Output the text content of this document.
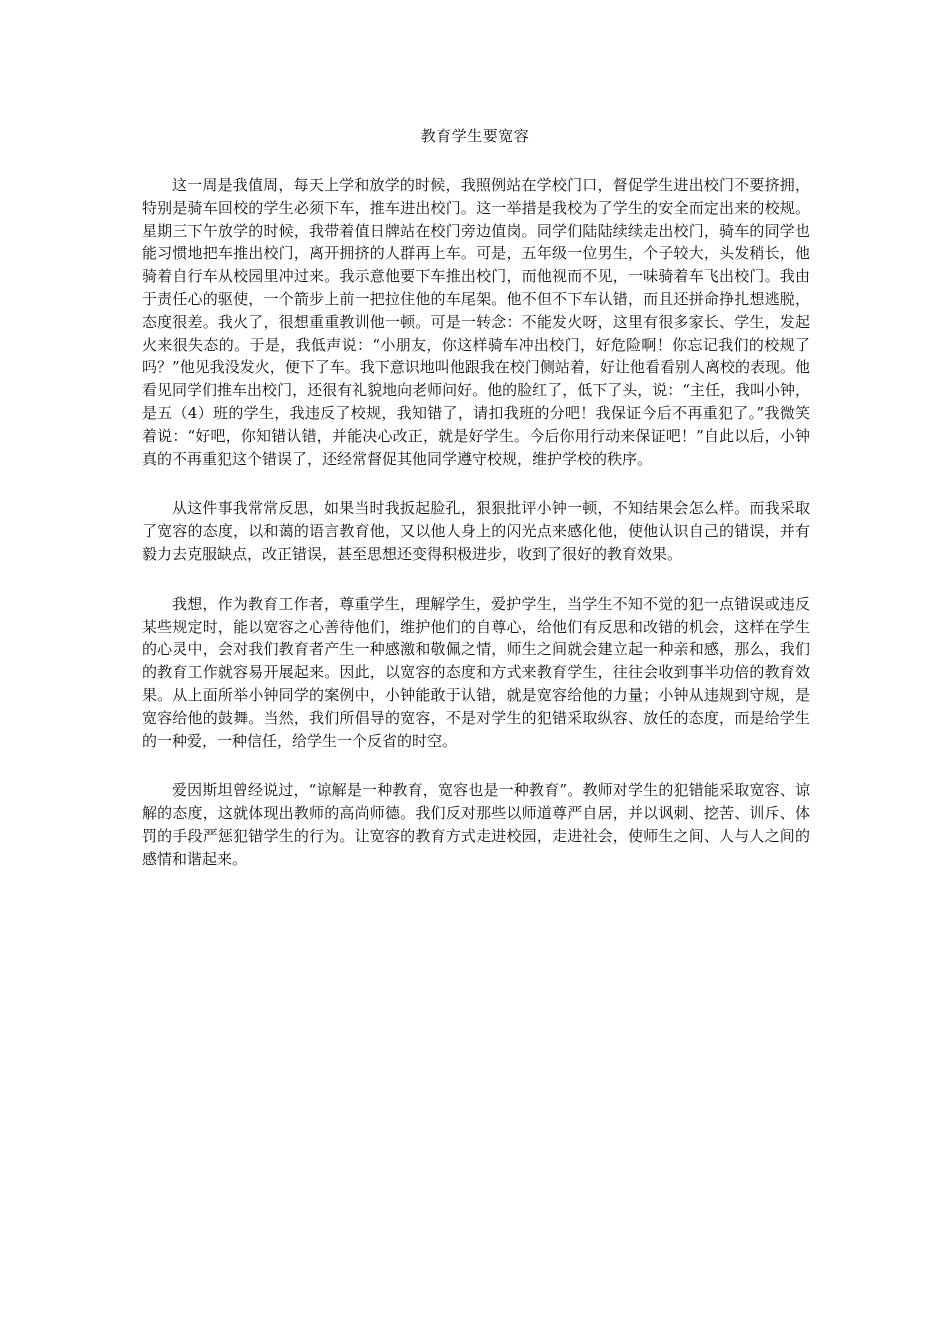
教育学生要宽容

这一周是我值周，每天上学和放学的时候，我照例站在学校门口，督促学生进出校门不要挤拥，特别是骑车回校的学生必须下车，推车进出校门。这一举措是我校为了学生的安全而定出来的校规。星期三下午放学的时候，我带着值日牌站在校门旁边值岗。同学们陆陆续续走出校门，骑车的同学也能习惯地把车推出校门，离开拥挤的人群再上车。可是，五年级一位男生，个子较大，头发稍长，他骑着自行车从校园里冲过来。我示意他要下车推出校门，而他视而不见，一味骑着车飞出校门。我由于责任心的驱使，一个箭步上前一把拉住他的车尾架。他不但不下车认错，而且还拼命挣扎想逃脱，态度很差。我火了，很想重重教训他一顿。可是一转念：不能发火呀，这里有很多家长、学生，发起火来很失态的。于是，我低声说：“小朋友，你这样骑车冲出校门，好危险啊！你忘记我们的校规了吗？”他见我没发火，便下了车。我下意识地叫他跟我在校门侧站着，好让他看看别人离校的表现。他看见同学们推车出校门，还很有礼貌地向老师问好。他的脸红了，低下了头，说：“主任，我叫小钟，是五（4）班的学生，我违反了校规，我知错了，请扣我班的分吧！我保证今后不再重犯了。”我微笑着说：“好吧，你知错认错，并能决心改正，就是好学生。今后你用行动来保证吧！”自此以后，小钟真的不再重犯这个错误了，还经常督促其他同学遵守校规，维护学校的秩序。

从这件事我常常反思，如果当时我扳起脸孔，狠狠批评小钟一顿，不知结果会怎么样。而我采取了宽容的态度，以和蔼的语言教育他，又以他人身上的闪光点来感化他，使他认识自己的错误，并有毅力去克服缺点，改正错误，甚至思想还变得积极进步，收到了很好的教育效果。

我想，作为教育工作者，尊重学生，理解学生，爱护学生，当学生不知不觉的犯一点错误或违反某些规定时，能以宽容之心善待他们，维护他们的自尊心，给他们有反思和改错的机会，这样在学生的心灵中，会对我们教育者产生一种感激和敬佩之情，师生之间就会建立起一种亲和感，那么，我们的教育工作就容易开展起来。因此，以宽容的态度和方式来教育学生，往往会收到事半功倍的教育效果。从上面所举小钟同学的案例中，小钟能敢于认错，就是宽容给他的力量；小钟从违规到守规，是宽容给他的鼓舞。当然，我们所倡导的宽容，不是对学生的犯错采取纵容、放任的态度，而是给学生的一种爱，一种信任，给学生一个反省的时空。

爱因斯坦曾经说过，“谅解是一种教育，宽容也是一种教育”。教师对学生的犯错能采取宽容、谅解的态度，这就体现出教师的高尚师德。我们反对那些以师道尊严自居，并以讽刺、挖苦、训斥、体罚的手段严惩犯错学生的行为。让宽容的教育方式走进校园，走进社会，使师生之间、人与人之间的感情和谐起来。
